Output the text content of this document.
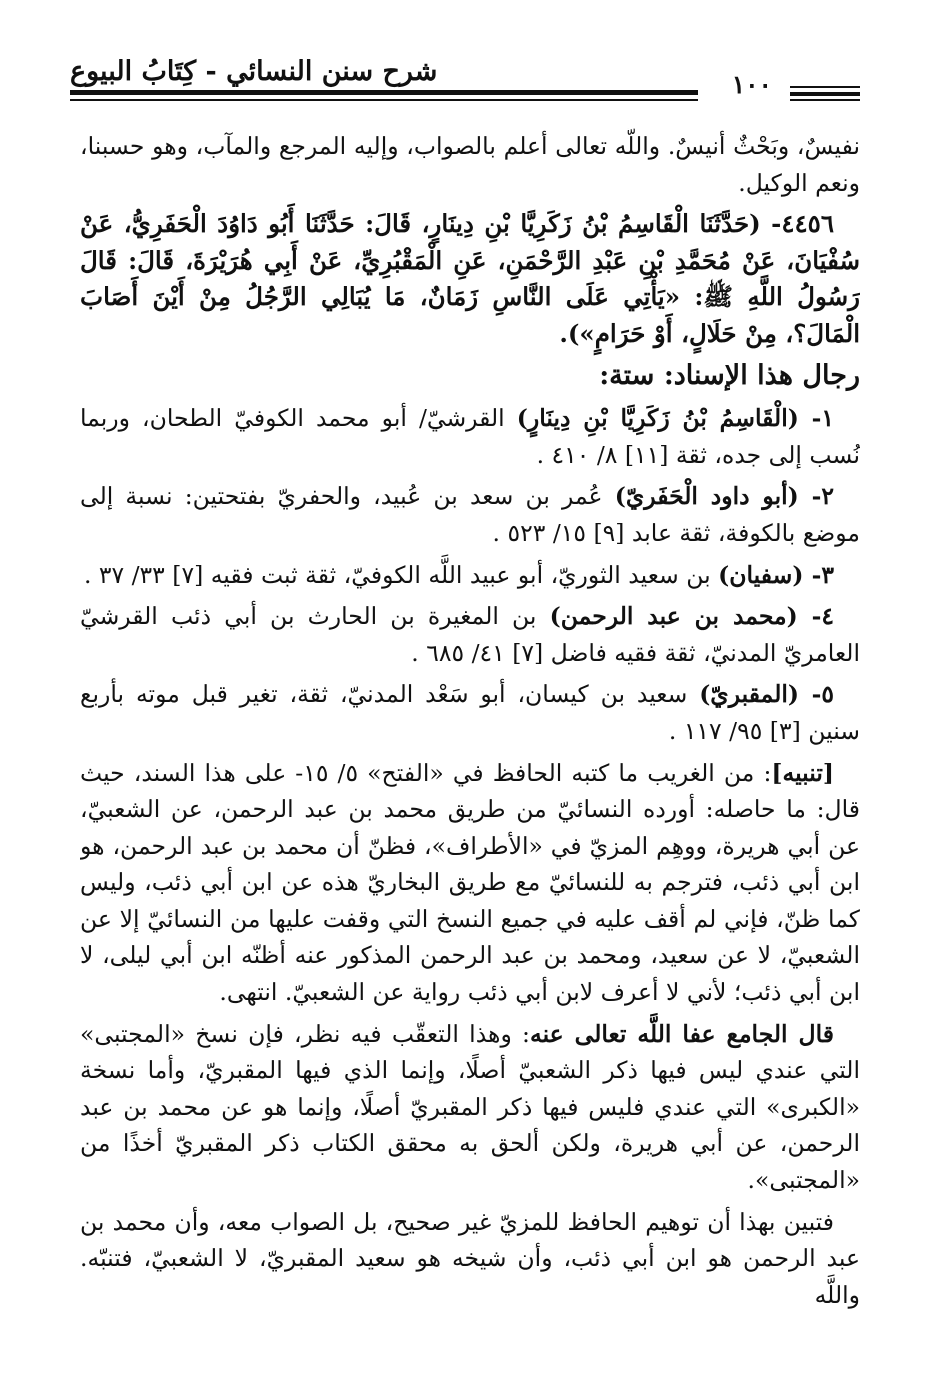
شرح سنن النسائي - كِتَابُ البيوع	١٠٠

نفيسٌ، وبَحْثٌ أنيسٌ. واللَّه تعالى أعلم بالصواب، وإليه المرجع والمآب، وهو حسبنا، ونعم الوكيل.

٤٤٥٦- (حَدَّثَنَا الْقَاسِمُ بْنُ زَكَرِيَّا بْنِ دِينَارٍ، قَالَ: حَدَّثَنَا أَبُو دَاوُدَ الْحَفَرِيُّ، عَنْ سُفْيَانَ، عَنْ مُحَمَّدِ بْنِ عَبْدِ الرَّحْمَنِ، عَنِ الْمَقْبُرِيِّ، عَنْ أَبِي هُرَيْرَةَ، قَالَ: قَالَ رَسُولُ اللَّهِ ﷺ: «يَأْتِي عَلَى النَّاسِ زَمَانٌ، مَا يُبَالِي الرَّجُلُ مِنْ أَيْنَ أَصَابَ الْمَالَ؟، مِنْ حَلَالٍ، أَوْ حَرَامٍ»).

رجال هذا الإسناد: ستة:

١- (الْقَاسِمُ بْنُ زَكَرِيَّا بْنِ دِينَارٍ) القرشيّ/ أبو محمد الكوفيّ الطحان، وربما نُسب إلى جده، ثقة [١١] ٨/ ٤١٠ .

٢- (أبو داود الْحَفَريّ) عُمر بن سعد بن عُبيد، والحفريّ بفتحتين: نسبة إلى موضع بالكوفة، ثقة عابد [٩] ١٥/ ٥٢٣ .

٣- (سفيان) بن سعيد الثوريّ، أبو عبيد اللَّه الكوفيّ، ثقة ثبت فقيه [٧] ٣٣/ ٣٧ .

٤- (محمد بن عبد الرحمن) بن المغيرة بن الحارث بن أبي ذئب القرشيّ العامريّ المدنيّ، ثقة فقيه فاضل [٧] ٤١/ ٦٨٥ .

٥- (المقبريّ) سعيد بن كيسان، أبو سَعْد المدنيّ، ثقة، تغير قبل موته بأربع سنين [٣] ٩٥/ ١١٧ .

[تنبيه]: من الغريب ما كتبه الحافظ في «الفتح» ٥/ ١٥- على هذا السند، حيث قال: ما حاصله: أورده النسائيّ من طريق محمد بن عبد الرحمن، عن الشعبيّ، عن أبي هريرة، ووهِم المزيّ في «الأطراف»، فظنّ أن محمد بن عبد الرحمن، هو ابن أبي ذئب، فترجم به للنسائيّ مع طريق البخاريّ هذه عن ابن أبي ذئب، وليس كما ظنّ، فإني لم أقف عليه في جميع النسخ التي وقفت عليها من النسائيّ إلا عن الشعبيّ، لا عن سعيد، ومحمد بن عبد الرحمن المذكور عنه أظنّه ابن أبي ليلى، لا ابن أبي ذئب؛ لأني لا أعرف لابن أبي ذئب رواية عن الشعبيّ. انتهى.

قال الجامع عفا اللَّه تعالى عنه: وهذا التعقّب فيه نظر، فإن نسخ «المجتبى» التي عندي ليس فيها ذكر الشعبيّ أصلًا، وإنما الذي فيها المقبريّ، وأما نسخة «الكبرى» التي عندي فليس فيها ذكر المقبريّ أصلًا، وإنما هو عن محمد بن عبد الرحمن، عن أبي هريرة، ولكن ألحق به محقق الكتاب ذكر المقبريّ أخذًا من «المجتبى».

فتبين بهذا أن توهيم الحافظ للمزيّ غير صحيح، بل الصواب معه، وأن محمد بن عبد الرحمن هو ابن أبي ذئب، وأن شيخه هو سعيد المقبريّ، لا الشعبيّ، فتنبّه. واللَّه
